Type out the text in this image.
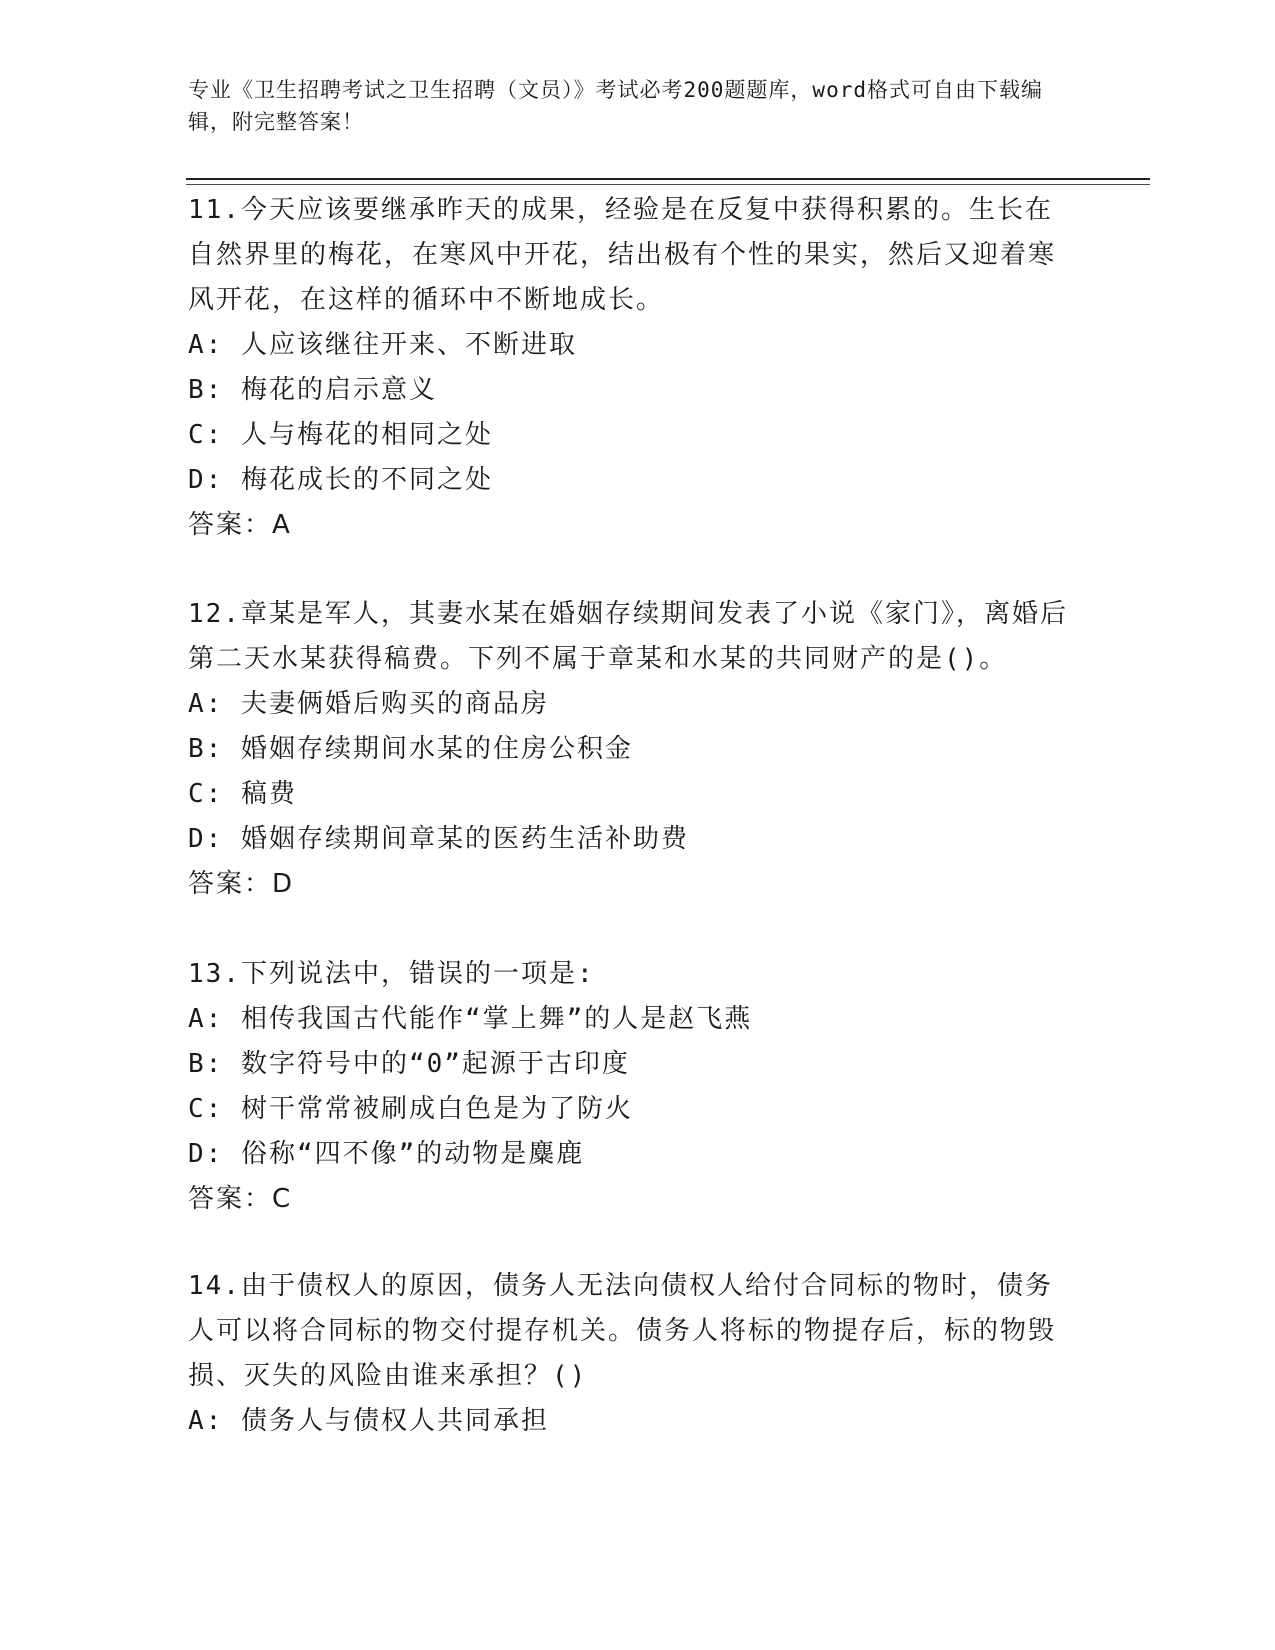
专业《卫生招聘考试之卫生招聘（文员）》考试必考200题题库，word格式可自由下载编辑，附完整答案！

11.今天应该要继承昨天的成果，经验是在反复中获得积累的。生长在自然界里的梅花，在寒风中开花，结出极有个性的果实，然后又迎着寒风开花，在这样的循环中不断地成长。

A: 人应该继往开来、不断进取

B: 梅花的启示意义

C: 人与梅花的相同之处

D: 梅花成长的不同之处

答案：A

12.章某是军人，其妻水某在婚姻存续期间发表了小说《家门》，离婚后第二天水某获得稿费。下列不属于章某和水某的共同财产的是()。

A: 夫妻俩婚后购买的商品房

B: 婚姻存续期间水某的住房公积金

C: 稿费

D: 婚姻存续期间章某的医药生活补助费

答案：D

13.下列说法中，错误的一项是:

A: 相传我国古代能作“掌上舞”的人是赵飞燕

B: 数字符号中的“0”起源于古印度

C: 树干常常被刷成白色是为了防火

D: 俗称“四不像”的动物是麋鹿

答案：C

14.由于债权人的原因，债务人无法向债权人给付合同标的物时，债务人可以将合同标的物交付提存机关。债务人将标的物提存后，标的物毁损、灭失的风险由谁来承担？()

A: 债务人与债权人共同承担
